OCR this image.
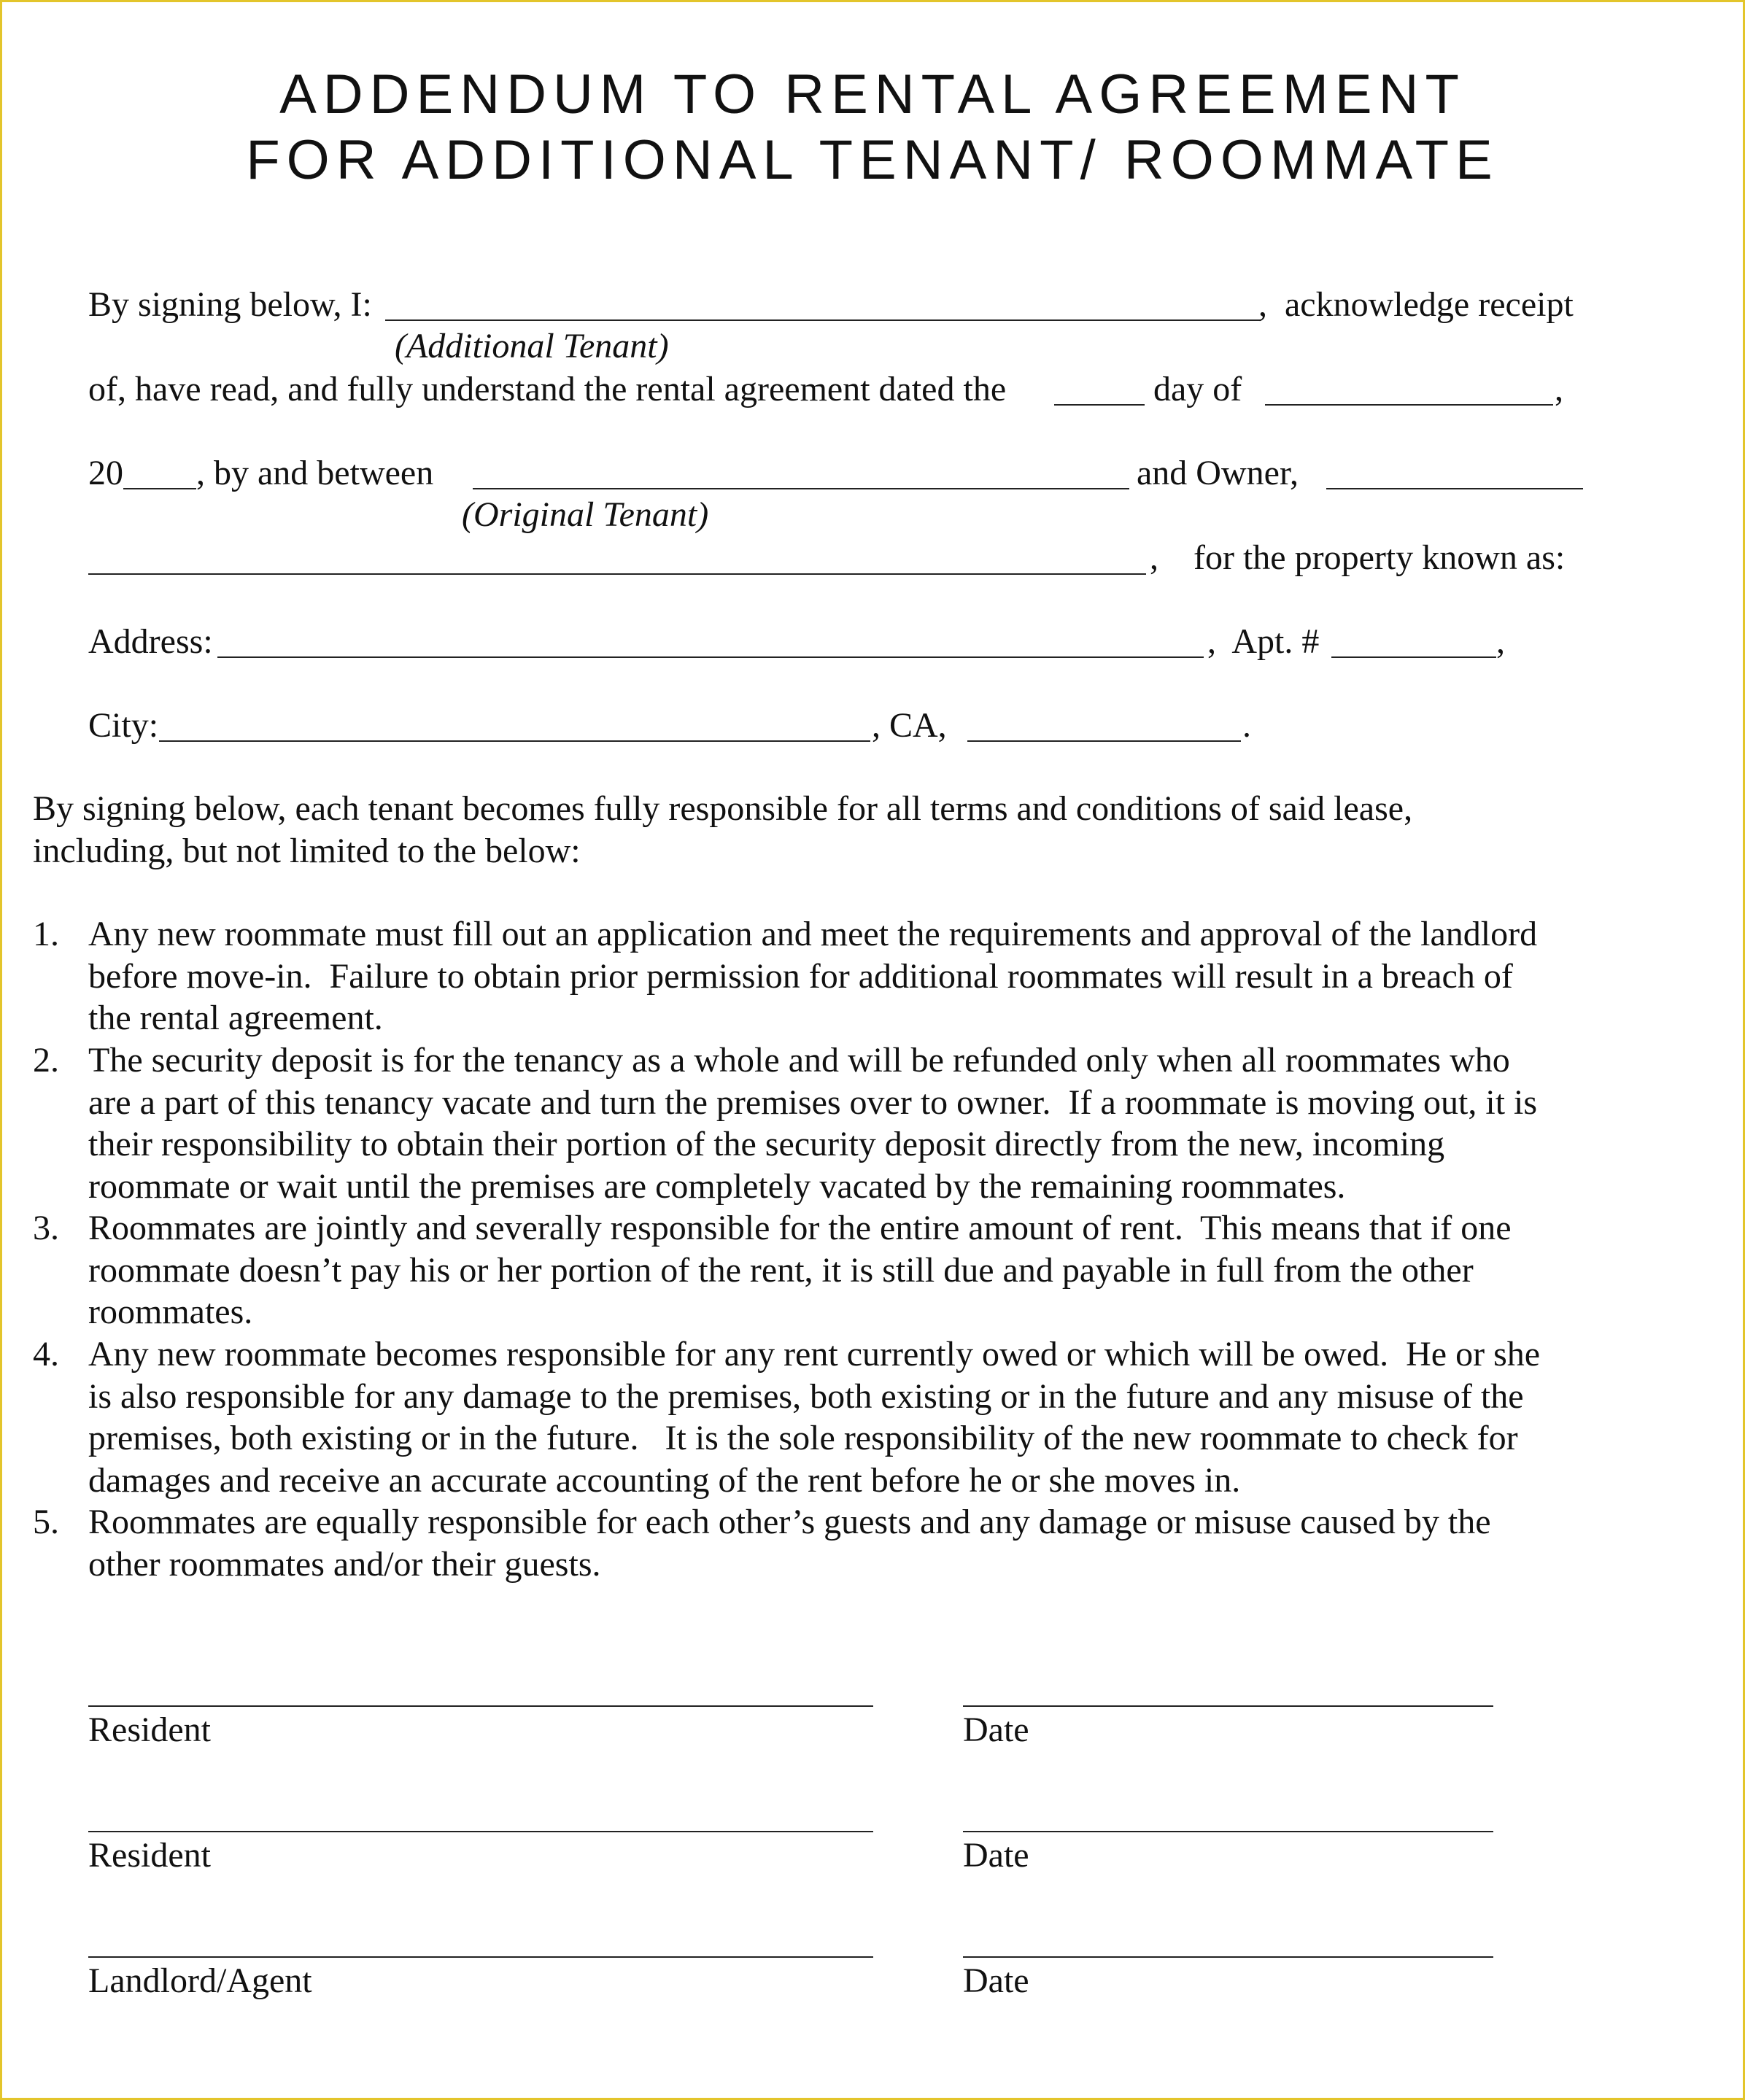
ADDENDUM TO RENTAL AGREEMENT
FOR ADDITIONAL TENANT/ ROOMMATE
By signing below, I:	,  acknowledge receipt
(Additional Tenant)
of, have read, and fully understand the rental agreement dated the	day of	,
20 , by and between	and Owner,
(Original Tenant)
,    for the property known as:
Address:	,  Apt. #	,
City:	, CA,	.
By signing below, each tenant becomes fully responsible for all terms and conditions of said lease,
including, but not limited to the below:
1. Any new roommate must fill out an application and meet the requirements and approval of the landlord
before move-in.  Failure to obtain prior permission for additional roommates will result in a breach of
the rental agreement.
2. The security deposit is for the tenancy as a whole and will be refunded only when all roommates who
are a part of this tenancy vacate and turn the premises over to owner.  If a roommate is moving out, it is
their responsibility to obtain their portion of the security deposit directly from the new, incoming
roommate or wait until the premises are completely vacated by the remaining roommates.
3. Roommates are jointly and severally responsible for the entire amount of rent.  This means that if one
roommate doesn’t pay his or her portion of the rent, it is still due and payable in full from the other
roommates.
4. Any new roommate becomes responsible for any rent currently owed or which will be owed.  He or she
is also responsible for any damage to the premises, both existing or in the future and any misuse of the
premises, both existing or in the future.   It is the sole responsibility of the new roommate to check for
damages and receive an accurate accounting of the rent before he or she moves in.
5. Roommates are equally responsible for each other’s guests and any damage or misuse caused by the
other roommates and/or their guests.
Resident	Date
Resident	Date
Landlord/Agent	Date
